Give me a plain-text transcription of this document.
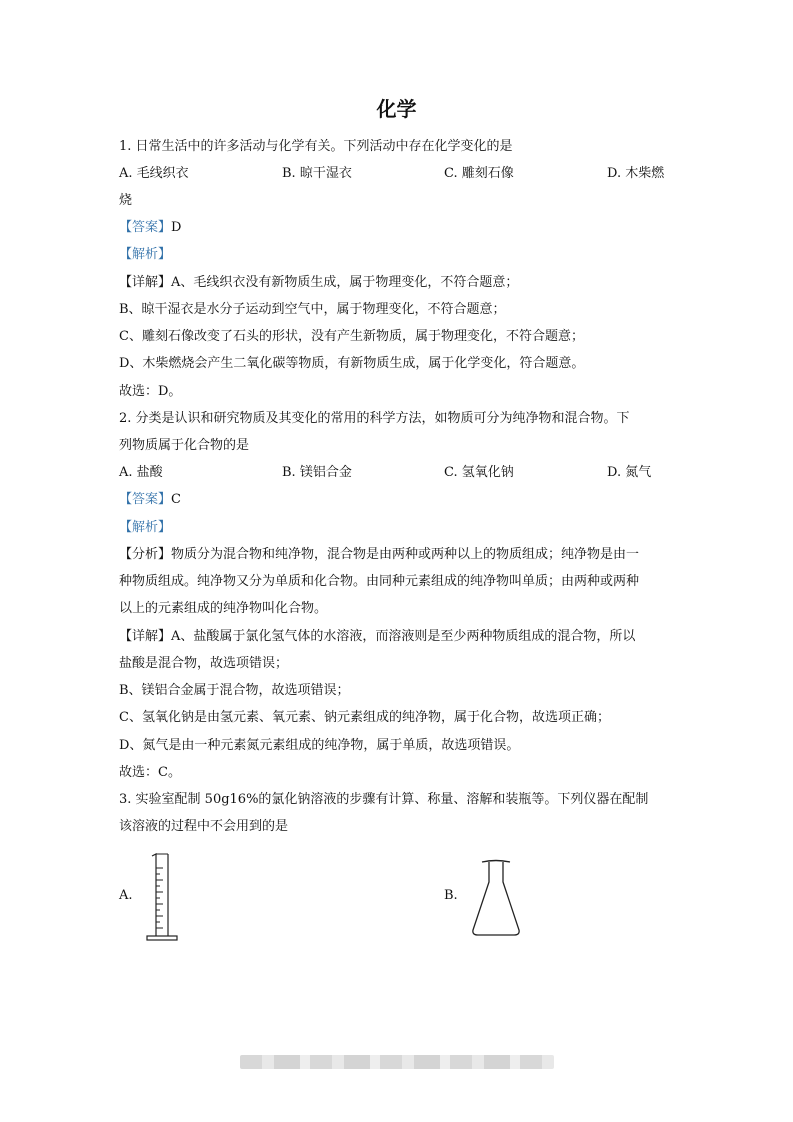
化学
1. 日常生活中的许多活动与化学有关。下列活动中存在化学变化的是
A. 毛线织衣	B. 晾干湿衣	C. 雕刻石像	D. 木柴燃
烧
【答案】D
【解析】
【详解】A、毛线织衣没有新物质生成，属于物理变化，不符合题意；
B、晾干湿衣是水分子运动到空气中，属于物理变化，不符合题意；
C、雕刻石像改变了石头的形状，没有产生新物质，属于物理变化，不符合题意；
D、木柴燃烧会产生二氧化碳等物质，有新物质生成，属于化学变化，符合题意。
故选：D。
2. 分类是认识和研究物质及其变化的常用的科学方法，如物质可分为纯净物和混合物。下
列物质属于化合物的是
A. 盐酸	B. 镁铝合金	C. 氢氧化钠	D. 氮气
【答案】C
【解析】
【分析】物质分为混合物和纯净物，混合物是由两种或两种以上的物质组成；纯净物是由一
种物质组成。纯净物又分为单质和化合物。由同种元素组成的纯净物叫单质；由两种或两种
以上的元素组成的纯净物叫化合物。
【详解】A、盐酸属于氯化氢气体的水溶液，而溶液则是至少两种物质组成的混合物，所以
盐酸是混合物，故选项错误；
B、镁铝合金属于混合物，故选项错误；
C、氢氧化钠是由氢元素、氧元素、钠元素组成的纯净物，属于化合物，故选项正确；
D、氮气是由一种元素氮元素组成的纯净物，属于单质，故选项错误。
故选：C。
3. 实验室配制 50g16%的氯化钠溶液的步骤有计算、称量、溶解和装瓶等。下列仪器在配制
该溶液的过程中不会用到的是
A.	B.
